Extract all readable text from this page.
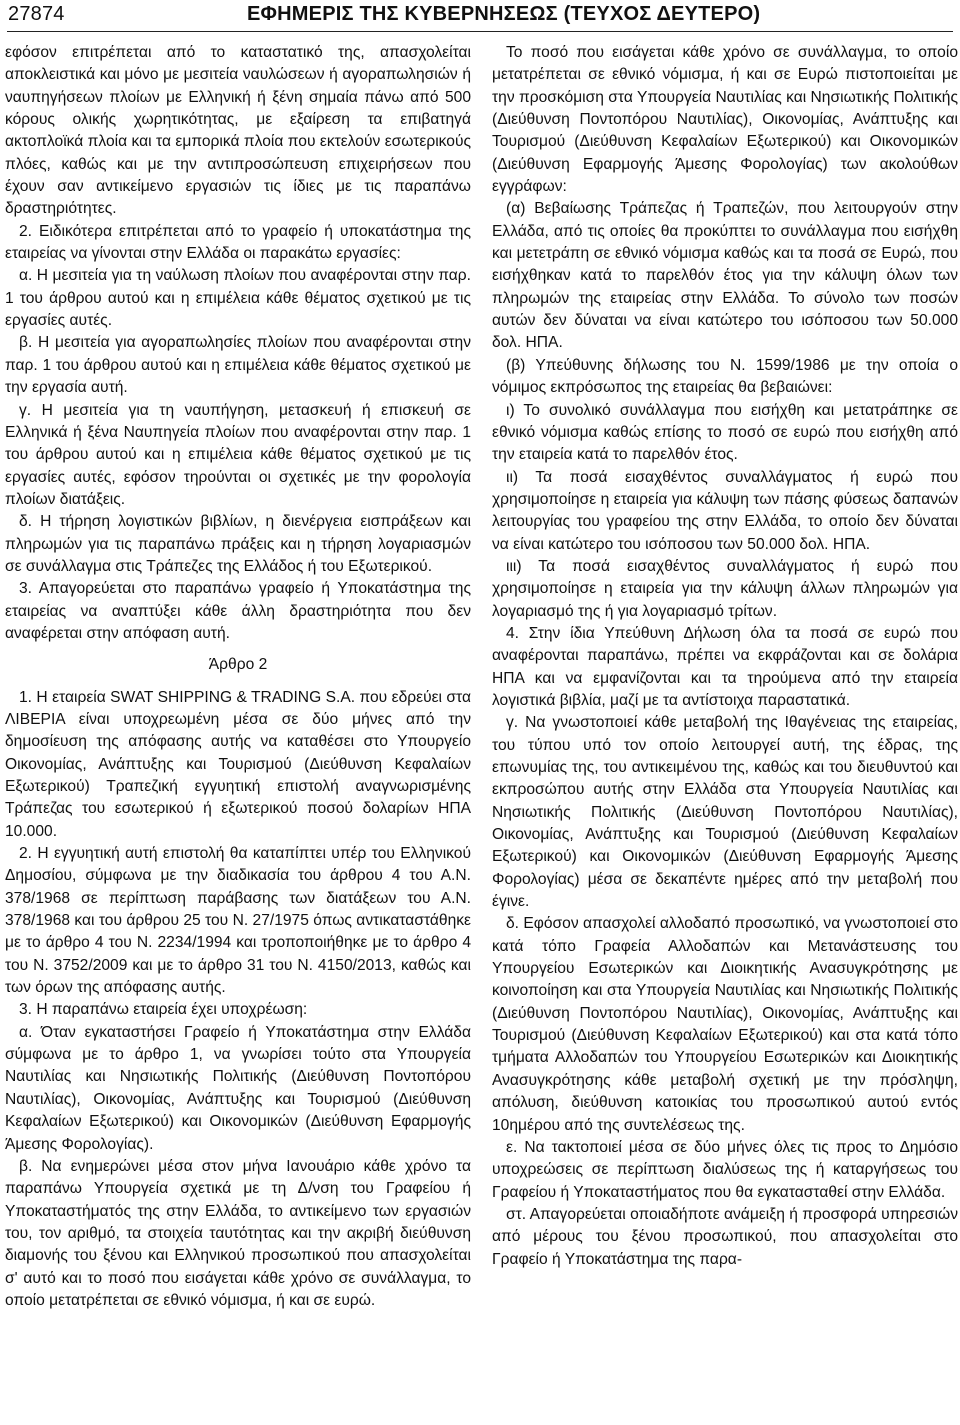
27874	ΕΦΗΜΕΡΙΣ ΤΗΣ ΚΥΒΕΡΝΗΣΕΩΣ (ΤΕΥΧΟΣ ΔΕΥΤΕΡΟ)

εφόσον επιτρέπεται από το καταστατικό της, απασχολείται αποκλειστικά και μόνο με μεσιτεία ναυλώσεων ή αγοραπωλησιών ή ναυπηγήσεων πλοίων με Ελληνική ή ξένη σημαία πάνω από 500 κόρους ολικής χωρητικότητας, με εξαίρεση τα επιβατηγά ακτοπλοϊκά πλοία και τα εμπορικά πλοία που εκτελούν εσωτερικούς πλόες, καθώς και με την αντιπροσώπευση επιχειρήσεων που έχουν σαν αντικείμενο εργασιών τις ίδιες με τις παραπάνω δραστηριότητες.

2. Ειδικότερα επιτρέπεται από το γραφείο ή υποκατάστημα της εταιρείας να γίνονται στην Ελλάδα οι παρακάτω εργασίες:

α. Η μεσιτεία για τη ναύλωση πλοίων που αναφέρονται στην παρ. 1 του άρθρου αυτού και η επιμέλεια κάθε θέματος σχετικού με τις εργασίες αυτές.

β. Η μεσιτεία για αγοραπωλησίες πλοίων που αναφέρονται στην παρ. 1 του άρθρου αυτού και η επιμέλεια κάθε θέματος σχετικού με την εργασία αυτή.

γ. Η μεσιτεία για τη ναυπήγηση, μετασκευή ή επισκευή σε Ελληνικά ή ξένα Ναυπηγεία πλοίων που αναφέρονται στην παρ. 1 του άρθρου αυτού και η επιμέλεια κάθε θέματος σχετικού με τις εργασίες αυτές, εφόσον τηρούνται οι σχετικές με την φορολογία πλοίων διατάξεις.

δ. Η τήρηση λογιστικών βιβλίων, η διενέργεια εισπράξεων και πληρωμών για τις παραπάνω πράξεις και η τήρηση λογαριασμών σε συνάλλαγμα στις Τράπεζες της Ελλάδος ή του Εξωτερικού.

3. Απαγορεύεται στο παραπάνω γραφείο ή Υποκατάστημα της εταιρείας να αναπτύξει κάθε άλλη δραστηριότητα που δεν αναφέρεται στην απόφαση αυτή.

Άρθρο 2

1. Η εταιρεία SWAT SHIPPING & TRADING S.A. που εδρεύει στα ΛΙΒΕΡΙΑ είναι υποχρεωμένη μέσα σε δύο μήνες από την δημοσίευση της απόφασης αυτής να καταθέσει στο Υπουργείο Οικονομίας, Ανάπτυξης και Τουρισμού (Διεύθυνση Κεφαλαίων Εξωτερικού) Τραπεζική εγγυητική επιστολή αναγνωρισμένης Τράπεζας του εσωτερικού ή εξωτερικού ποσού δολαρίων ΗΠΑ 10.000.

2. Η εγγυητική αυτή επιστολή θα καταπίπτει υπέρ του Ελληνικού Δημοσίου, σύμφωνα με την διαδικασία του άρθρου 4 του Α.Ν. 378/1968 σε περίπτωση παράβασης των διατάξεων του Α.Ν. 378/1968 και του άρθρου 25 του Ν. 27/1975 όπως αντικαταστάθηκε με το άρθρο 4 του Ν. 2234/1994 και τροποποιήθηκε με το άρθρο 4 του Ν. 3752/2009 και με το άρθρο 31 του Ν. 4150/2013, καθώς και των όρων της απόφασης αυτής.

3. Η παραπάνω εταιρεία έχει υποχρέωση:

α. Όταν εγκαταστήσει Γραφείο ή Υποκατάστημα στην Ελλάδα σύμφωνα με το άρθρο 1, να γνωρίσει τούτο στα Υπουργεία Ναυτιλίας και Νησιωτικής Πολιτικής (Διεύθυνση Ποντοπόρου Ναυτιλίας), Οικονομίας, Ανάπτυξης και Τουρισμού (Διεύθυνση Κεφαλαίων Εξωτερικού) και Οικονομικών (Διεύθυνση Εφαρμογής Άμεσης Φορολογίας).

β. Να ενημερώνει μέσα στον μήνα Ιανουάριο κάθε χρόνο τα παραπάνω Υπουργεία σχετικά με τη Δ/νση του Γραφείου ή Υποκαταστήματός της στην Ελλάδα, το αντικείμενο των εργασιών του, τον αριθμό, τα στοιχεία ταυτότητας και την ακριβή διεύθυνση διαμονής του ξένου και Ελληνικού προσωπικού που απασχολείται σ' αυτό και το ποσό που εισάγεται κάθε χρόνο σε συνάλλαγμα, το οποίο μετατρέπεται σε εθνικό νόμισμα, ή και σε ευρώ.

Το ποσό που εισάγεται κάθε χρόνο σε συνάλλαγμα, το οποίο μετατρέπεται σε εθνικό νόμισμα, ή και σε Ευρώ πιστοποιείται με την προσκόμιση στα Υπουργεία Ναυτιλίας και Νησιωτικής Πολιτικής (Διεύθυνση Ποντοπόρου Ναυτιλίας), Οικονομίας, Ανάπτυξης και Τουρισμού (Διεύθυνση Κεφαλαίων Εξωτερικού) και Οικονομικών (Διεύθυνση Εφαρμογής Άμεσης Φορολογίας) των ακολούθων εγγράφων:

(α) Βεβαίωσης Τράπεζας ή Τραπεζών, που λειτουργούν στην Ελλάδα, από τις οποίες θα προκύπτει το συνάλλαγμα που εισήχθη και μετετράπη σε εθνικό νόμισμα καθώς και τα ποσά σε Ευρώ, που εισήχθηκαν κατά το παρελθόν έτος για την κάλυψη όλων των πληρωμών της εταιρείας στην Ελλάδα. Το σύνολο των ποσών αυτών δεν δύναται να είναι κατώτερο του ισόποσου των 50.000 δολ. ΗΠΑ.

(β) Υπεύθυνης δήλωσης του Ν. 1599/1986 με την οποία ο νόμιμος εκπρόσωπος της εταιρείας θα βεβαιώνει:

ι) Το συνολικό συνάλλαγμα που εισήχθη και μετατράπηκε σε εθνικό νόμισμα καθώς επίσης το ποσό σε ευρώ που εισήχθη από την εταιρεία κατά το παρελθόν έτος.

ιι) Τα ποσά εισαχθέντος συναλλάγματος ή ευρώ που χρησιμοποίησε η εταιρεία για κάλυψη των πάσης φύσεως δαπανών λειτουργίας του γραφείου της στην Ελλάδα, το οποίο δεν δύναται να είναι κατώτερο του ισόποσου των 50.000 δολ. ΗΠΑ.

ιιι) Τα ποσά εισαχθέντος συναλλάγματος ή ευρώ που χρησιμοποίησε η εταιρεία για την κάλυψη άλλων πληρωμών για λογαριασμό της ή για λογαριασμό τρίτων.

4. Στην ίδια Υπεύθυνη Δήλωση όλα τα ποσά σε ευρώ που αναφέρονται παραπάνω, πρέπει να εκφράζονται και σε δολάρια ΗΠΑ και να εμφανίζονται και τα τηρούμενα από την εταιρεία λογιστικά βιβλία, μαζί με τα αντίστοιχα παραστατικά.

γ. Να γνωστοποιεί κάθε μεταβολή της Ιθαγένειας της εταιρείας, του τύπου υπό τον οποίο λειτουργεί αυτή, της έδρας, της επωνυμίας της, του αντικειμένου της, καθώς και του διευθυντού και εκπροσώπου αυτής στην Ελλάδα στα Υπουργεία Ναυτιλίας και Νησιωτικής Πολιτικής (Διεύθυνση Ποντοπόρου Ναυτιλίας), Οικονομίας, Ανάπτυξης και Τουρισμού (Διεύθυνση Κεφαλαίων Εξωτερικού) και Οικονομικών (Διεύθυνση Εφαρμογής Άμεσης Φορολογίας) μέσα σε δεκαπέντε ημέρες από την μεταβολή που έγινε.

δ. Εφόσον απασχολεί αλλοδαπό προσωπικό, να γνωστοποιεί στο κατά τόπο Γραφεία Αλλοδαπών και Μετανάστευσης του Υπουργείου Εσωτερικών και Διοικητικής Ανασυγκρότησης με κοινοποίηση και στα Υπουργεία Ναυτιλίας και Νησιωτικής Πολιτικής (Διεύθυνση Ποντοπόρου Ναυτιλίας), Οικονομίας, Ανάπτυξης και Τουρισμού (Διεύθυνση Κεφαλαίων Εξωτερικού) και στα κατά τόπο τμήματα Αλλοδαπών του Υπουργείου Εσωτερικών και Διοικητικής Ανασυγκρότησης κάθε μεταβολή σχετική με την πρόσληψη, απόλυση, διεύθυνση κατοικίας του προσωπικού αυτού εντός 10ημέρου από της συντελέσεως της.

ε. Να τακτοποιεί μέσα σε δύο μήνες όλες τις προς το Δημόσιο υποχρεώσεις σε περίπτωση διαλύσεως της ή καταργήσεως του Γραφείου ή Υποκαταστήματος που θα εγκατασταθεί στην Ελλάδα.

στ. Απαγορεύεται οποιαδήποτε ανάμειξη ή προσφορά υπηρεσιών από μέρους του ξένου προσωπικού, που απασχολείται στο Γραφείο ή Υποκατάστημα της παρα-
